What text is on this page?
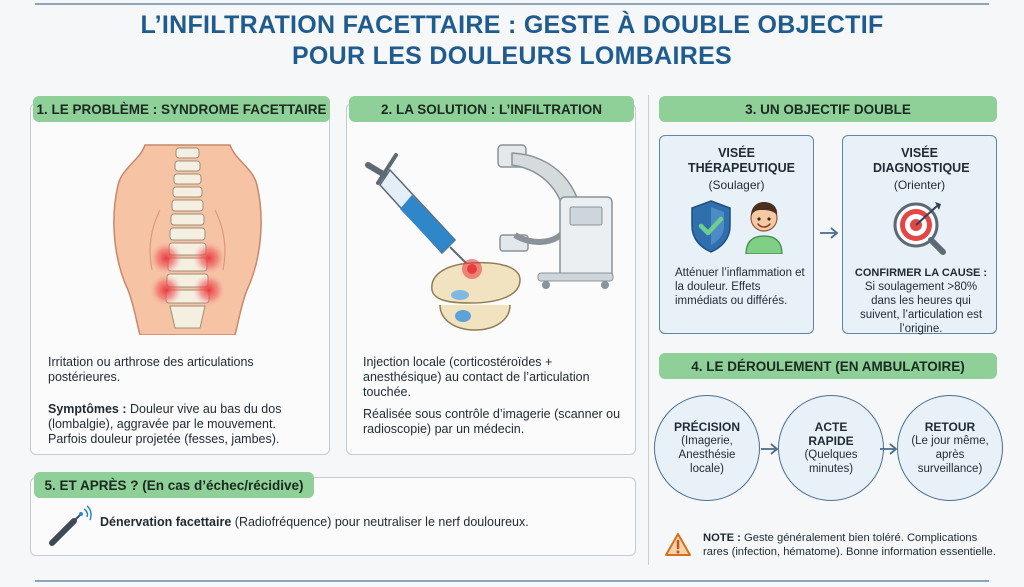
L’INFILTRATION FACETTAIRE : GESTE À DOUBLE OBJECTIF
POUR LES DOULEURS LOMBAIRES
1. LE PROBLÈME : SYNDROME FACETTAIRE
Irritation ou arthrose des articulations postérieures.
Symptômes : Douleur vive au bas du dos (lombalgie), aggravée par le mouvement. Parfois douleur projetée (fesses, jambes).
2. LA SOLUTION : L’INFILTRATION
Injection locale (corticostéroïdes + anesthésique) au contact de l’articulation touchée.
Réalisée sous contrôle d’imagerie (scanner ou radioscopie) par un médecin.
3. UN OBJECTIF DOUBLE
VISÉE THÉRAPEUTIQUE
(Soulager)
Atténuer l’inflammation et la douleur. Effets immédiats ou différés.
VISÉE DIAGNOSTIQUE
(Orienter)
CONFIRMER LA CAUSE :
Si soulagement >80% dans les heures qui suivent, l’articulation est l’origine.
4. LE DÉROULEMENT (EN AMBULATOIRE)
PRÉCISION
(Imagerie, Anesthésie locale)
ACTE RAPIDE
(Quelques minutes)
RETOUR
(Le jour même, après surveillance)
NOTE : Geste généralement bien toléré. Complications rares (infection, hématome). Bonne information essentielle.
5. ET APRÈS ? (En cas d’échec/récidive)
Dénervation facettaire (Radiofréquence) pour neutraliser le nerf douloureux.
